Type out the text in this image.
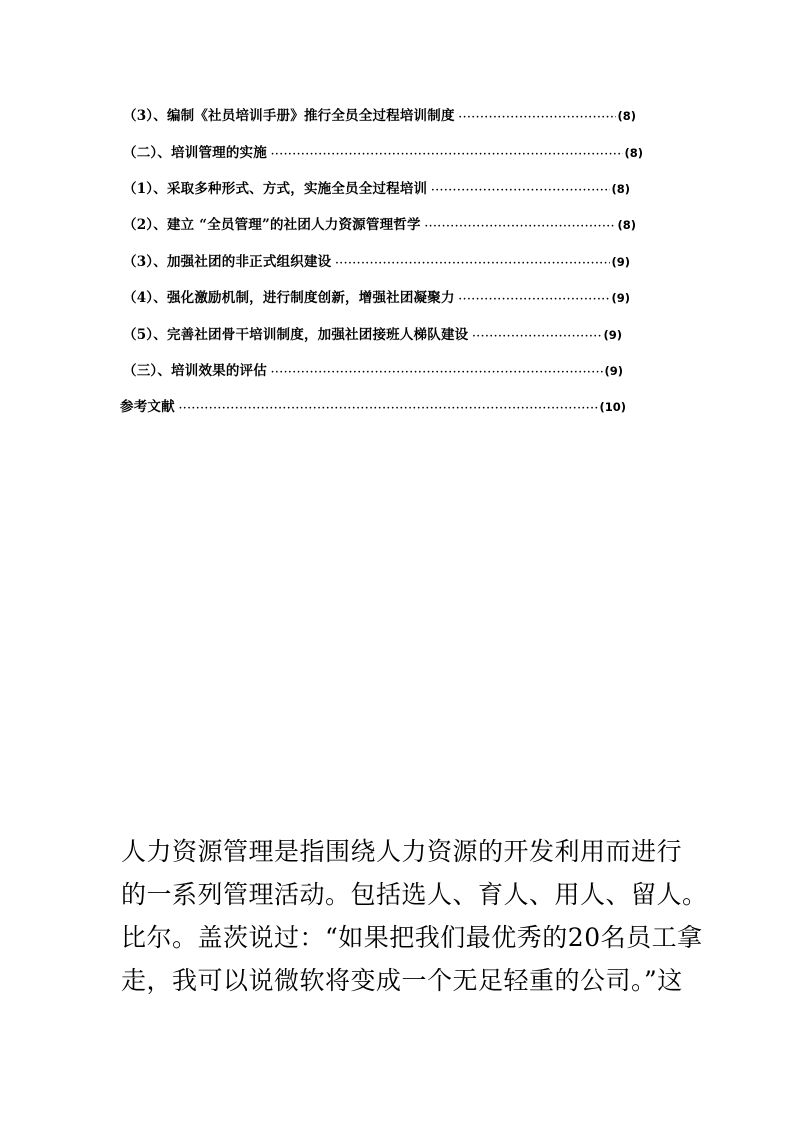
（3）、编制《社员培训手册》推行全员全过程培训制度 ·····	(8)
（二）、培训管理的实施 ·····	(8)
（1）、采取多种形式、方式，实施全员全过程培训 ·····	(8)
（2）、建立 “全员管理”的社团人力资源管理哲学 ·····	(8)
（3）、加强社团的非正式组织建设 ·····	(9)
（4）、强化激励机制，进行制度创新，增强社团凝聚力 ·····	(9)
（5）、完善社团骨干培训制度，加强社团接班人梯队建设 ·····	(9)
（三）、培训效果的评估 ·····	(9)
参考文献 ·····	(10)
人力资源管理是指围绕人力资源的开发利用而进行
的一系列管理活动。包括选人、育人、用人、留人。
比尔。盖茨说过：“如果把我们最优秀的20名员工拿
走，我可以说微软将变成一个无足轻重的公司。”这
